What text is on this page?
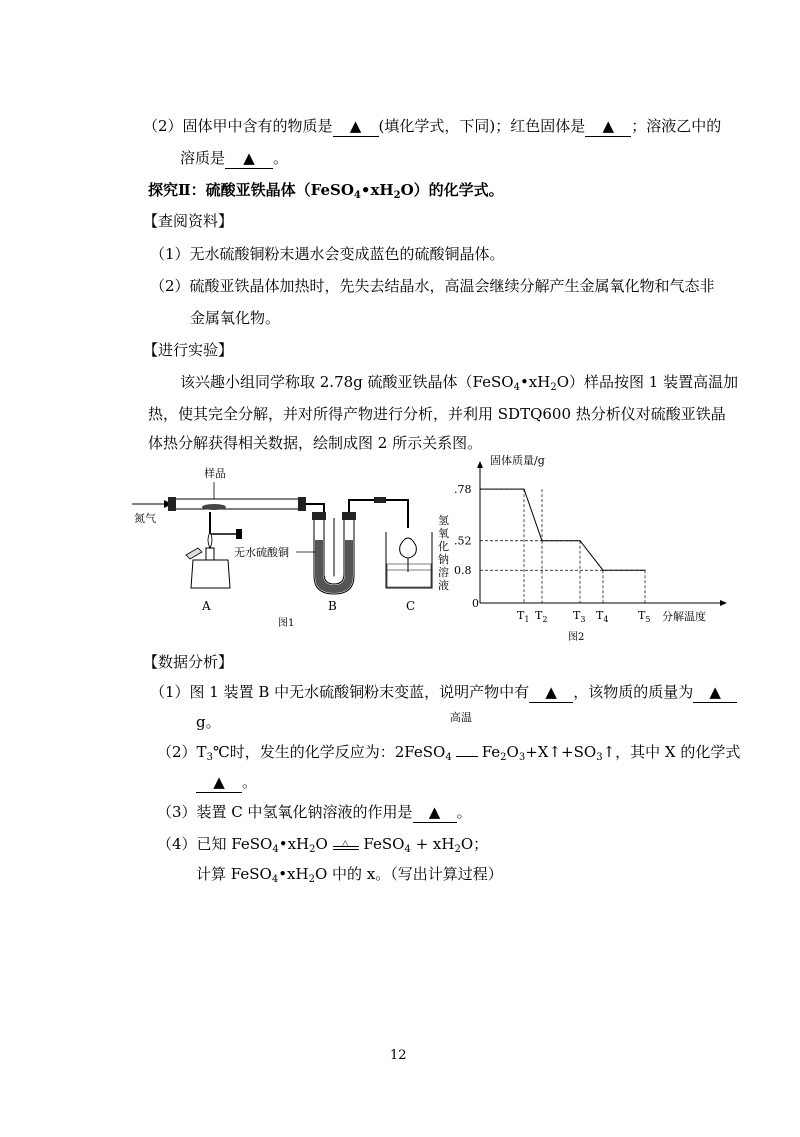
（2）固体甲中含有的物质是 ▲ (填化学式，下同)；红色固体是 ▲ ；溶液乙中的
溶质是 ▲ 。
探究Ⅱ：硫酸亚铁晶体$(FeSO_4•xH_2O)$的化学式。
【查阅资料】
（1）无水硫酸铜粉末遇水会变成蓝色的硫酸铜晶体。
（2）硫酸亚铁晶体加热时，先失去结晶水，高温会继续分解产生金属氧化物和气态非
金属氧化物。
【进行实验】
该兴趣小组同学称取 2.78g 硫酸亚铁晶体$(FeSO_4•xH_2O)$样品按图 1 装置高温加
热，使其完全分解，并对所得产物进行分析，并利用 SDTQ600 热分析仪对硫酸亚铁晶
体热分解获得相关数据，绘制成图 2 所示关系图。
样品
氮气
A
无水硫酸铜
B	C
图1
氢
氧
化
钠
溶
液
固体质量/g
分解温度
图2
.78
.52
0.8
0
$T_1$ $T_2$ $T_3$ $T_4$	$T_5$
【数据分析】
（1）图 1 装置 B 中无水硫酸铜粉末变蓝，说明产物中有 ▲ ，该物质的质量为 ▲
g。	高温
$(2)T_3℃$时，发生的化学反应为：2FeSO$_4$ $Fe_2O_3+X↑+SO_3↑$，其中 X 的化学式
▲ 。
（3）装置 C 中氢氧化钠溶液的作用是 ▲ 。
（4）已知 $FeSO_4•xH_2O$ △ FeSO$_4$ + $xH_2O$；
计算 $FeSO_4•xH_2O$ 中的 x。（写出计算过程）
12
